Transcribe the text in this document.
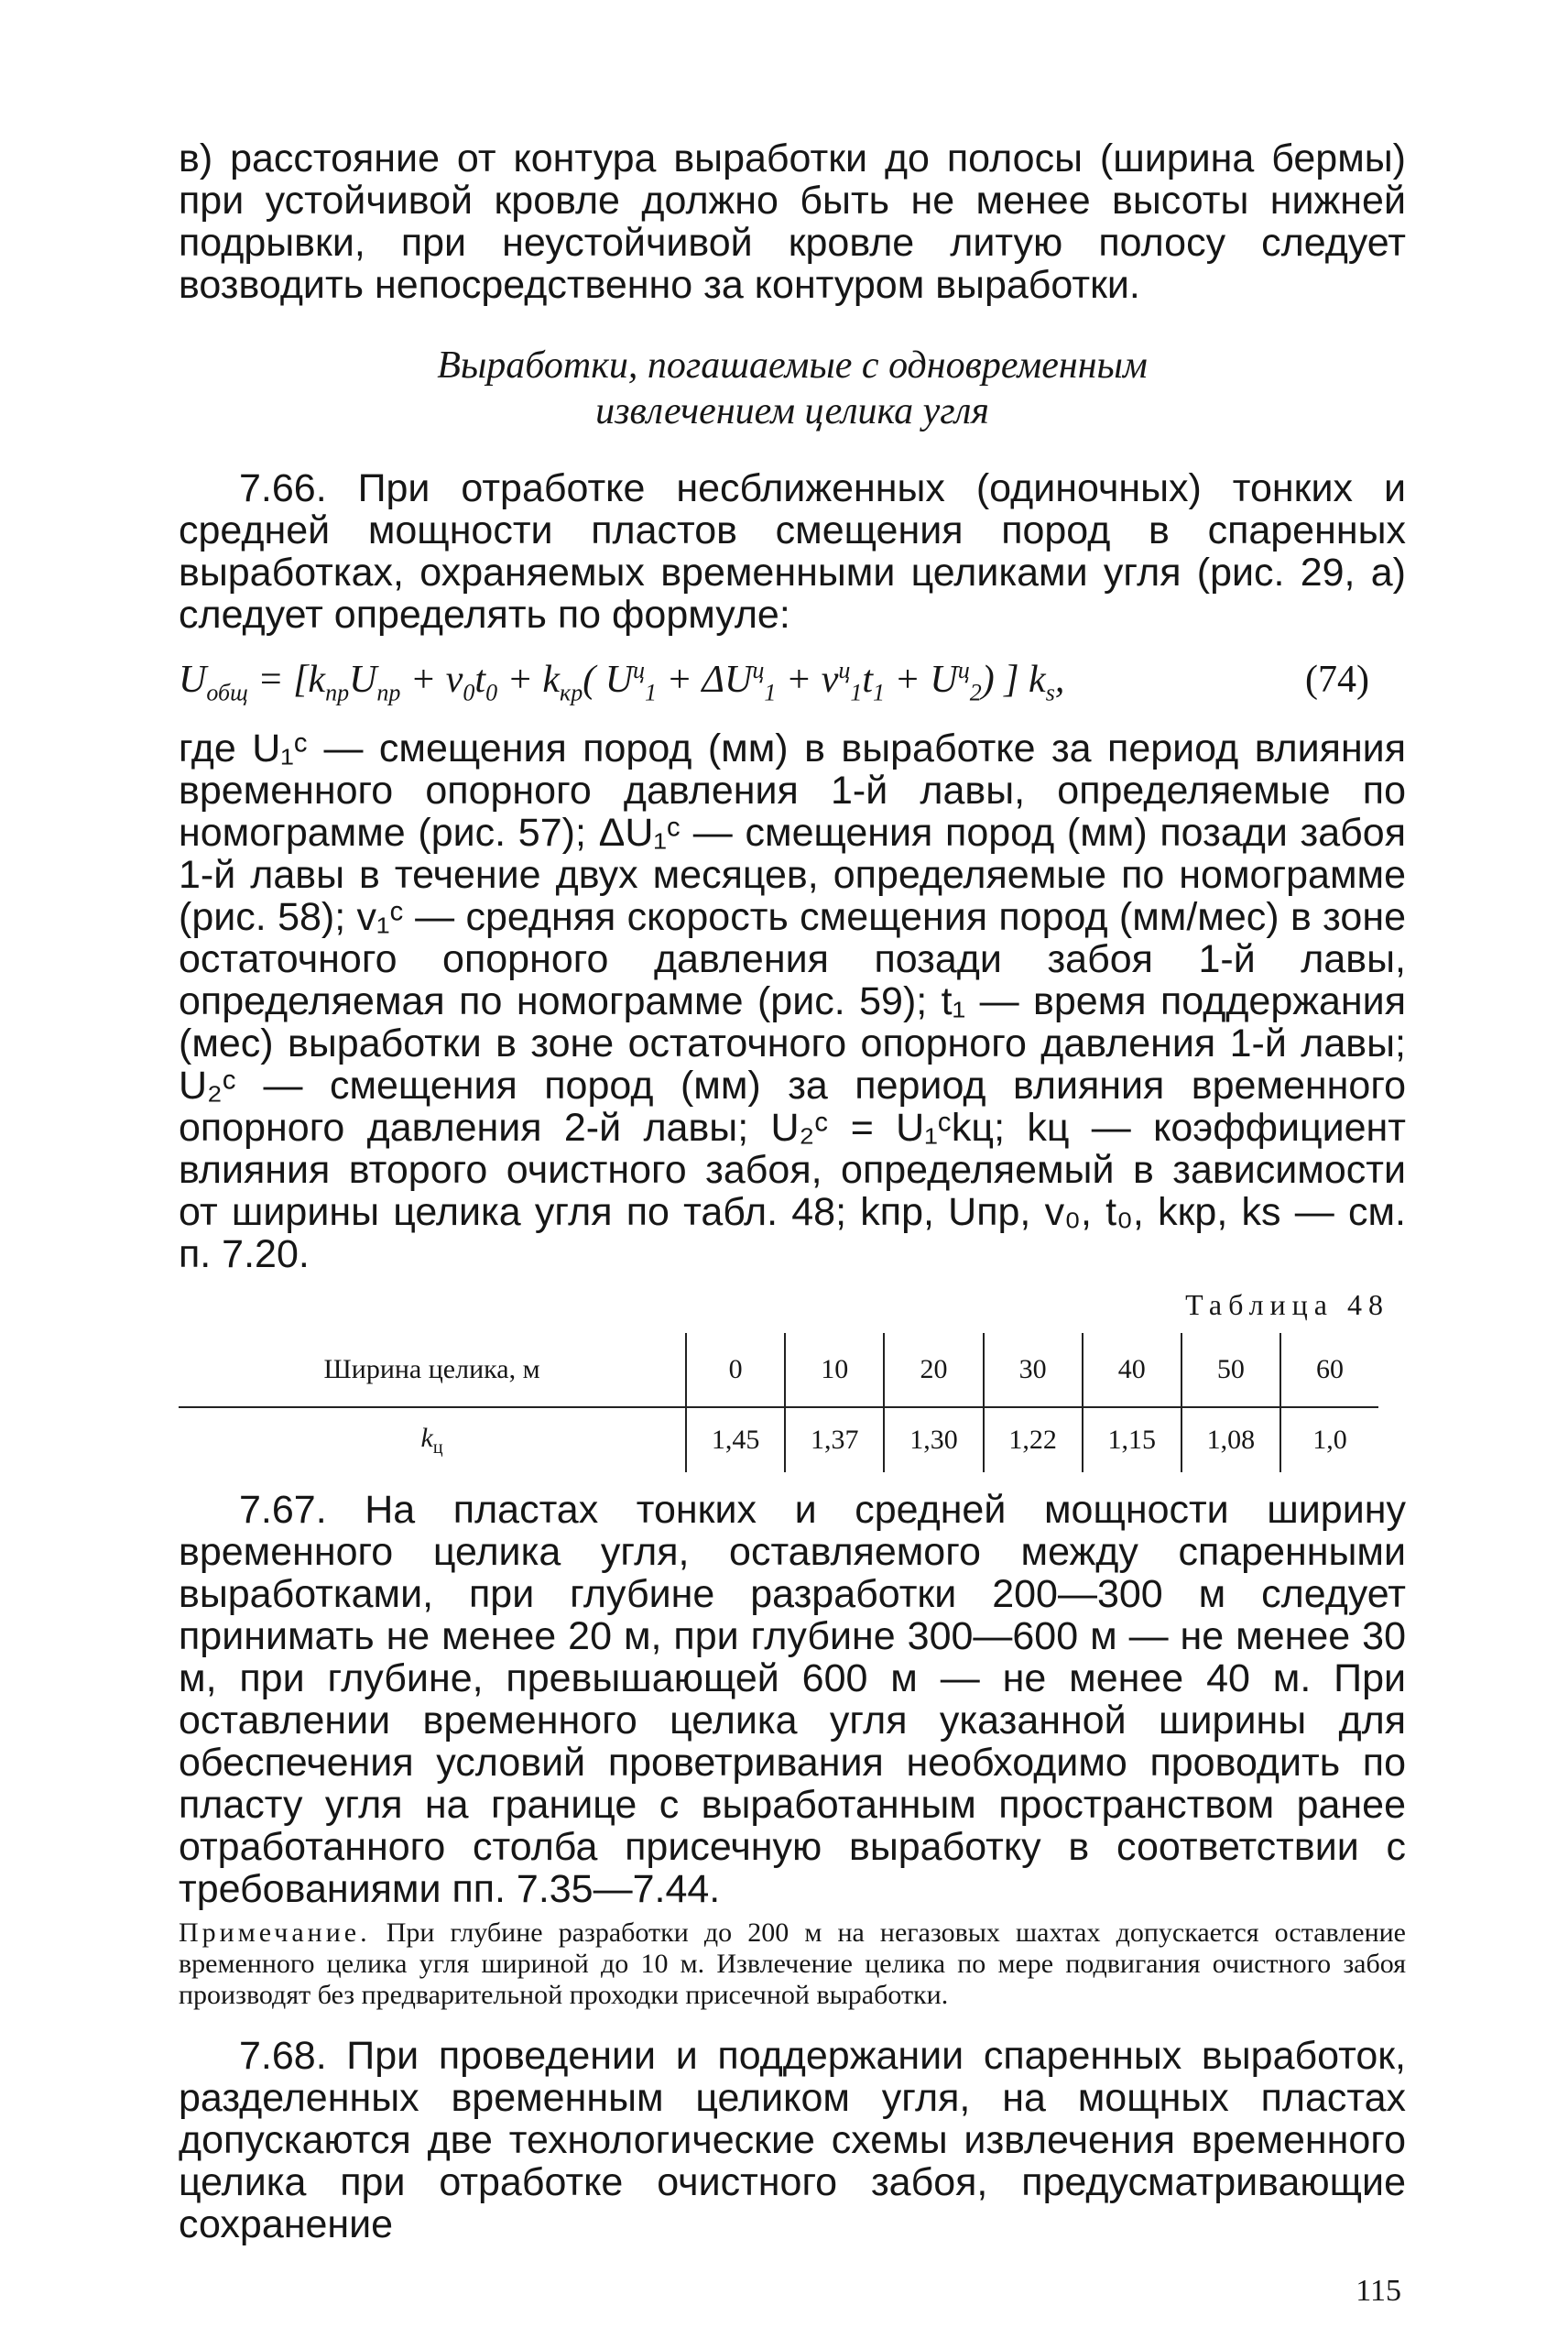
в) расстояние от контура выработки до полосы (ширина бермы) при устойчивой кровле должно быть не менее высоты нижней подрывки, при неустойчивой кровле литую полосу следует возводить непосредственно за контуром выработки.

Выработки, погашаемые с одновременным
извлечением целика угля

7.66. При отработке несближенных (одиночных) тонких и средней мощности пластов смещения пород в спаренных выработках, охраняемых временными целиками угля (рис. 29, а) следует определять по формуле:

$U_{общ} = [k_{пр}U_{пр} + v_0t_0 + k_{кр}$( $U^ц_1 + \Delta U^ц_1 + v^ц_1t_1 + U^ц_2$) ] $k_s$,	(74)

где U₁ᶜ — смещения пород (мм) в выработке за период влияния временного опорного давления 1-й лавы, определяемые по номограмме (рис. 57); ΔU₁ᶜ — смещения пород (мм) позади забоя 1-й лавы в течение двух месяцев, определяемые по номограмме (рис. 58); v₁ᶜ — средняя скорость смещения пород (мм/мес) в зоне остаточного опорного давления позади забоя 1-й лавы, определяемая по номограмме (рис. 59); t₁ — время поддержания (мес) выработки в зоне остаточного опорного давления 1-й лавы; U₂ᶜ — смещения пород (мм) за период влияния временного опорного давления 2-й лавы; U₂ᶜ = U₁ᶜkц; kц — коэффициент влияния второго очистного забоя, определяемый в зависимости от ширины целика угля по табл. 48; kпр, Uпр, v₀, t₀, kкр, ks — см. п. 7.20.

Таблица 48
Ширина целика, м	0	10	20	30	40	50	60
$k_ц$	1,45	1,37	1,30	1,22	1,15	1,08	1,0

7.67. На пластах тонких и средней мощности ширину временного целика угля, оставляемого между спаренными выработками, при глубине разработки 200—300 м следует принимать не менее 20 м, при глубине 300—600 м — не менее 30 м, при глубине, превышающей 600 м — не менее 40 м. При оставлении временного целика угля указанной ширины для обеспечения условий проветривания необходимо проводить по пласту угля на границе с выработанным пространством ранее отработанного столба присечную выработку в соответствии с требованиями пп. 7.35—7.44.

Примечание. При глубине разработки до 200 м на негазовых шахтах допускается оставление временного целика угля шириной до 10 м. Извлечение целика по мере подвигания очистного забоя производят без предварительной проходки присечной выработки.

7.68. При проведении и поддержании спаренных выработок, разделенных временным целиком угля, на мощных пластах допускаются две технологические схемы извлечения временного целика при отработке очистного забоя, предусматривающие сохранение

115
